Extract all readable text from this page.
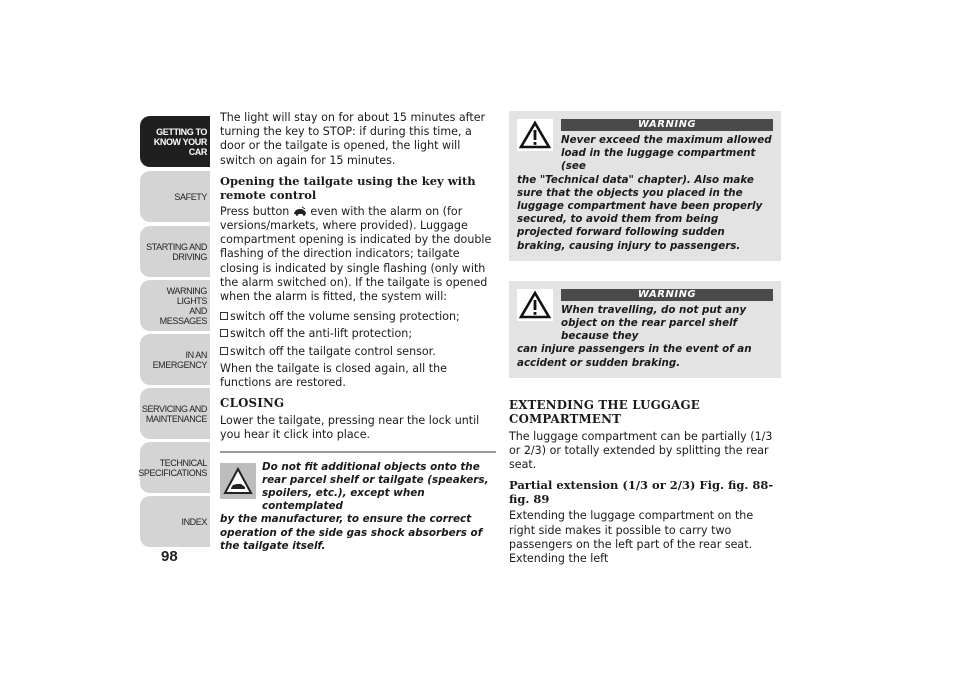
GETTING TO
KNOW YOUR CAR
SAFETY
STARTING AND
DRIVING
WARNING LIGHTS
AND MESSAGES
IN AN EMERGENCY
SERVICING AND
MAINTENANCE
TECHNICAL
SPECIFICATIONS
INDEX
98

The light will stay on for about 15 minutes after turning the key to STOP: if during this time, a door or the tailgate is opened, the light will switch on again for 15 minutes.

Opening the tailgate using the key with remote control

Press button even with the alarm on (for versions/markets, where provided). Luggage compartment opening is indicated by the double flashing of the direction indicators; tailgate closing is indicated by single flashing (only with the alarm switched on). If the tailgate is opened when the alarm is fitted, the system will:

switch off the volume sensing protection;
switch off the anti-lift protection;
switch off the tailgate control sensor.

When the tailgate is closed again, all the functions are restored.

CLOSING

Lower the tailgate, pressing near the lock until you hear it click into place.

Do not fit additional objects onto the rear parcel shelf or tailgate (speakers, spoilers, etc.), except when contemplated
by the manufacturer, to ensure the correct operation of the side gas shock absorbers of the tailgate itself.
WARNING
Never exceed the maximum allowed load in the luggage compartment (see
the "Technical data" chapter). Also make sure that the objects you placed in the luggage compartment have been properly secured, to avoid them from being projected forward following sudden braking, causing injury to passengers.
WARNING
When travelling, do not put any object on the rear parcel shelf because they
can injure passengers in the event of an accident or sudden braking.
EXTENDING THE LUGGAGE COMPARTMENT

The luggage compartment can be partially (1/3 or 2/3) or totally extended by splitting the rear seat.

Partial extension (1/3 or 2/3) Fig. fig. 88- fig. 89

Extending the luggage compartment on the right side makes it possible to carry two passengers on the left part of the rear seat. Extending the left
